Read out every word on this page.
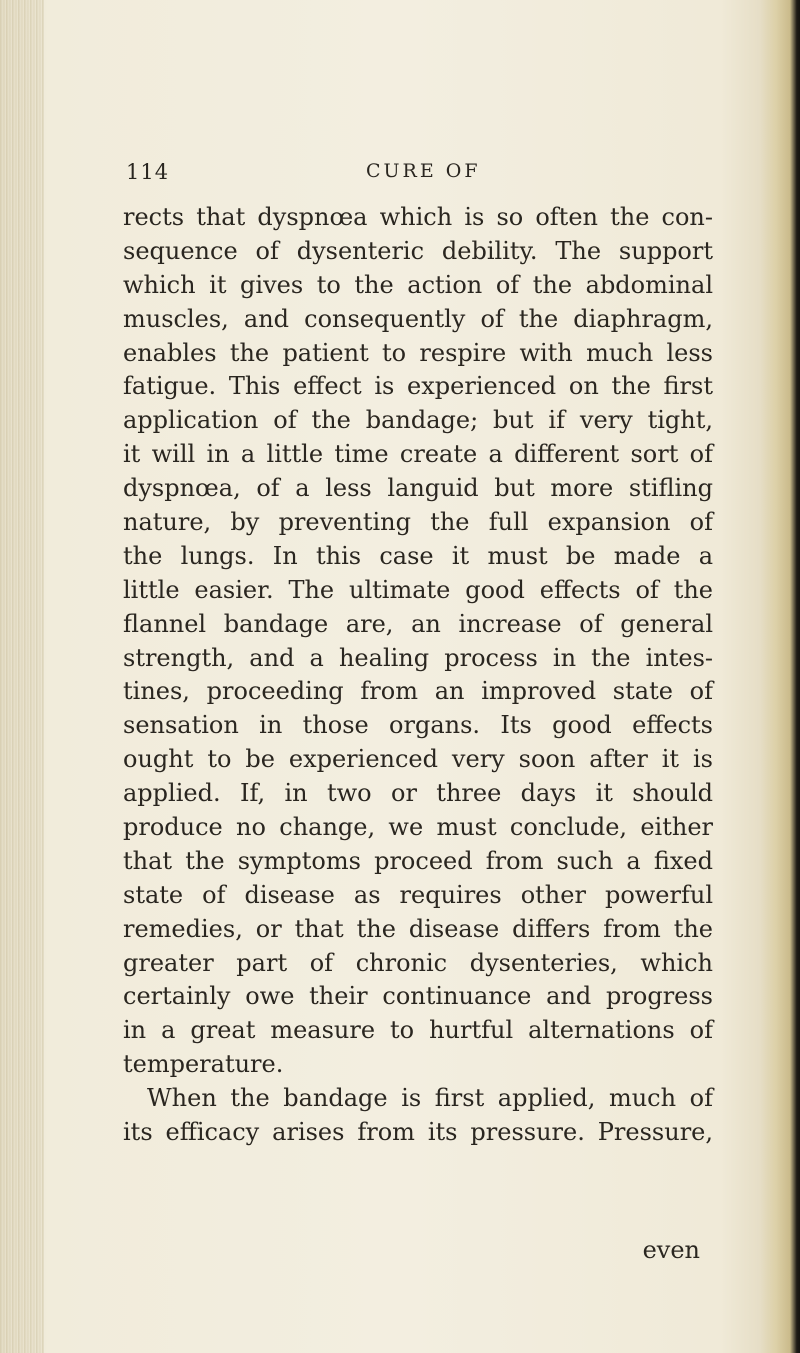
114	CURE OF
rects that dyspnœa which is so often the con-
sequence of dysenteric debility. The support
which it gives to the action of the abdominal
muscles, and consequently of the diaphragm,
enables the patient to respire with much less
fatigue. This effect is experienced on the first
application of the bandage; but if very tight,
it will in a little time create a different sort of
dyspnœa, of a less languid but more stifling
nature, by preventing the full expansion of
the lungs. In this case it must be made a
little easier. The ultimate good effects of the
flannel bandage are, an increase of general
strength, and a healing process in the intes-
tines, proceeding from an improved state of
sensation in those organs. Its good effects
ought to be experienced very soon after it is
applied. If, in two or three days it should
produce no change, we must conclude, either
that the symptoms proceed from such a fixed
state of disease as requires other powerful
remedies, or that the disease differs from the
greater part of chronic dysenteries, which
certainly owe their continuance and progress
in a great measure to hurtful alternations of
temperature.
When the bandage is first applied, much of
its efficacy arises from its pressure. Pressure,
even
